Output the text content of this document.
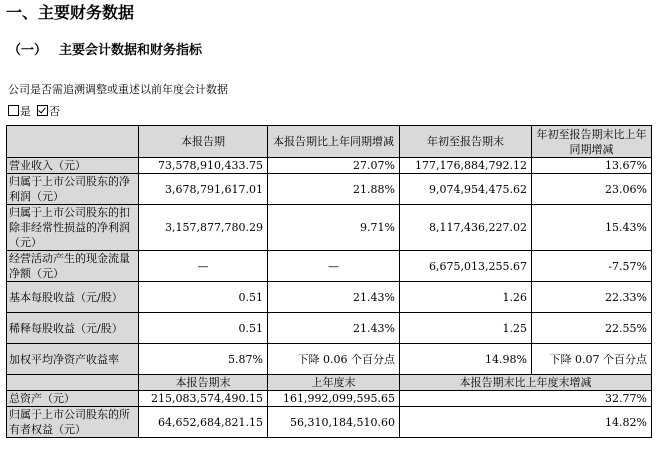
一、主要财务数据
（一） 主要会计数据和财务指标
公司是否需追溯调整或重述以前年度会计数据
是 否
	本报告期	本报告期比上年同期增减	年初至报告期末	年初至报告期末比上年同期增减
营业收入（元）	73,578,910,433.75	27.07%	177,176,884,792.12	13.67%
归属于上市公司股东的净利润（元）	3,678,791,617.01	21.88%	9,074,954,475.62	23.06%
归属于上市公司股东的扣除非经常性损益的净利润（元）	3,157,877,780.29	9.71%	8,117,436,227.02	15.43%
经营活动产生的现金流量净额（元）	—	—	6,675,013,255.67	-7.57%
基本每股收益（元/股）	0.51	21.43%	1.26	22.33%
稀释每股收益（元/股）	0.51	21.43%	1.25	22.55%
加权平均净资产收益率	5.87%	下降 0.06 个百分点	14.98%	下降 0.07 个百分点
	本报告期末	上年度末	本报告期末比上年度末增减	
总资产（元）	215,083,574,490.15	161,992,099,595.65	32.77%	
归属于上市公司股东的所有者权益（元）	64,652,684,821.15	56,310,184,510.60	14.82%	
